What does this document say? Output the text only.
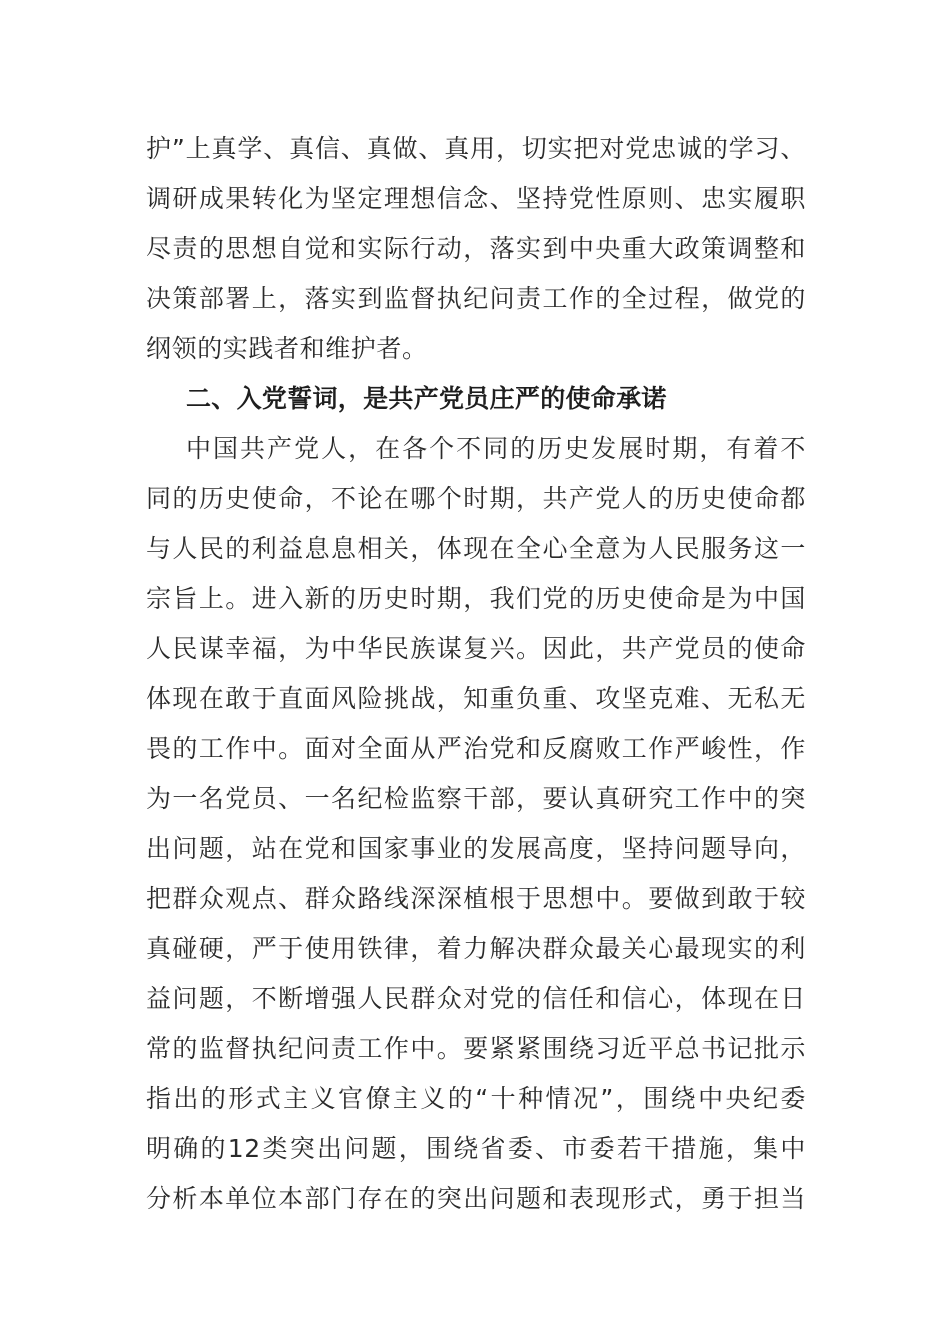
护”上真学、真信、真做、真用，切实把对党忠诚的学习、
调研成果转化为坚定理想信念、坚持党性原则、忠实履职
尽责的思想自觉和实际行动，落实到中央重大政策调整和
决策部署上，落实到监督执纪问责工作的全过程，做党的
纲领的实践者和维护者。
二、入党誓词，是共产党员庄严的使命承诺
中国共产党人，在各个不同的历史发展时期，有着不
同的历史使命，不论在哪个时期，共产党人的历史使命都
与人民的利益息息相关，体现在全心全意为人民服务这一
宗旨上。进入新的历史时期，我们党的历史使命是为中国
人民谋幸福，为中华民族谋复兴。因此，共产党员的使命
体现在敢于直面风险挑战，知重负重、攻坚克难、无私无
畏的工作中。面对全面从严治党和反腐败工作严峻性，作
为一名党员、一名纪检监察干部，要认真研究工作中的突
出问题，站在党和国家事业的发展高度，坚持问题导向，
把群众观点、群众路线深深植根于思想中。要做到敢于较
真碰硬，严于使用铁律，着力解决群众最关心最现实的利
益问题，不断增强人民群众对党的信任和信心，体现在日
常的监督执纪问责工作中。要紧紧围绕习近平总书记批示
指出的形式主义官僚主义的“十种情况”，围绕中央纪委
明确的12类突出问题，围绕省委、市委若干措施，集中
分析本单位本部门存在的突出问题和表现形式，勇于担当
